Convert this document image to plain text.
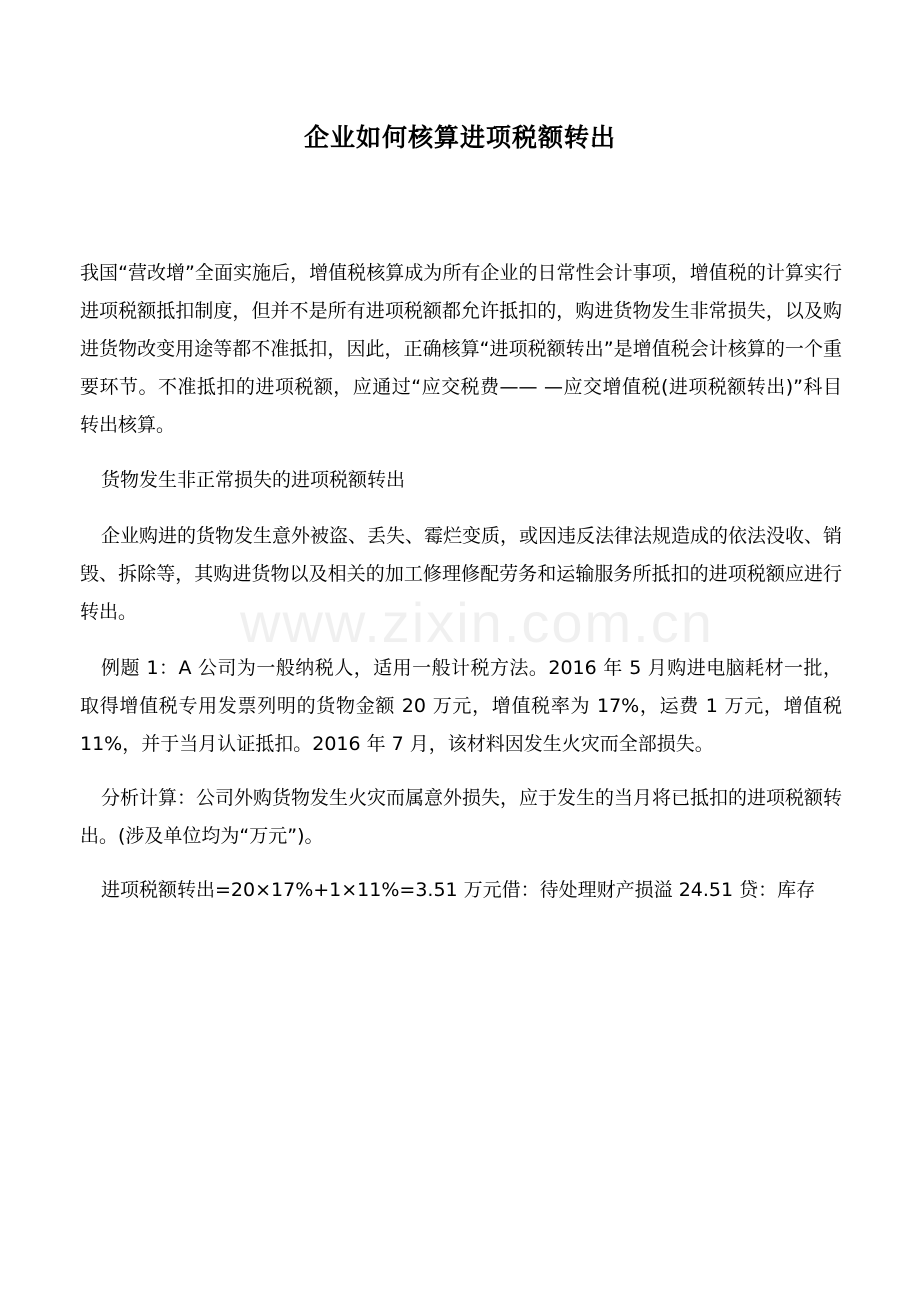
www.zixin.com.cn
企业如何核算进项税额转出

我国“营改增”全面实施后，增值税核算成为所有企业的日常性会计事项，增值税的计算实行进项税额抵扣制度，但并不是所有进项税额都允许抵扣的，购进货物发生非常损失，以及购进货物改变用途等都不准抵扣，因此，正确核算“进项税额转出”是增值税会计核算的一个重要环节。不准抵扣的进项税额，应通过“应交税费—— —应交增值税(进项税额转出)”科目转出核算。

货物发生非正常损失的进项税额转出

企业购进的货物发生意外被盗、丢失、霉烂变质，或因违反法律法规造成的依法没收、销毁、拆除等，其购进货物以及相关的加工修理修配劳务和运输服务所抵扣的进项税额应进行转出。

例题 1：A 公司为一般纳税人，适用一般计税方法。2016 年 5 月购进电脑耗材一批，取得增值税专用发票列明的货物金额 20 万元，增值税率为 17%，运费 1 万元，增值税 11%，并于当月认证抵扣。2016 年 7 月，该材料因发生火灾而全部损失。

分析计算：公司外购货物发生火灾而属意外损失，应于发生的当月将已抵扣的进项税额转出。(涉及单位均为“万元”)。

进项税额转出=20×17%+1×11%=3.51 万元借：待处理财产损溢 24.51 贷：库存
